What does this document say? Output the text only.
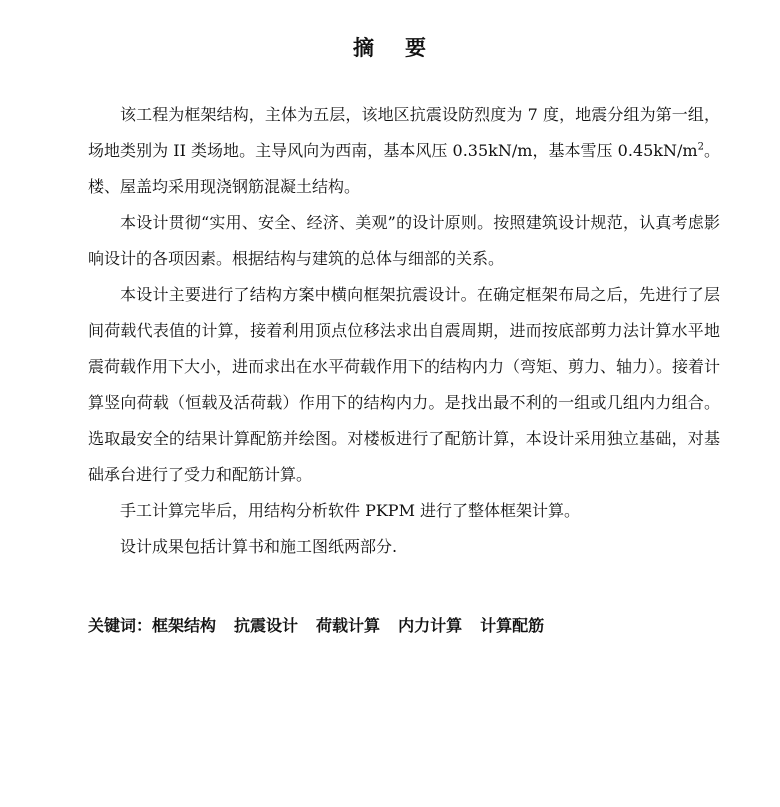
摘 要

该工程为框架结构，主体为五层，该地区抗震设防烈度为 7 度，地震分组为第一组，场地类别为 II 类场地。主导风向为西南，基本风压 0.35kN/m，基本雪压 $0.45kN/m^2$。楼、屋盖均采用现浇钢筋混凝土结构。

本设计贯彻“实用、安全、经济、美观”的设计原则。按照建筑设计规范，认真考虑影响设计的各项因素。根据结构与建筑的总体与细部的关系。

本设计主要进行了结构方案中横向框架抗震设计。在确定框架布局之后，先进行了层间荷载代表值的计算，接着利用顶点位移法求出自震周期，进而按底部剪力法计算水平地震荷载作用下大小，进而求出在水平荷载作用下的结构内力（弯矩、剪力、轴力）。接着计算竖向荷载（恒载及活荷载）作用下的结构内力。是找出最不利的一组或几组内力组合。选取最安全的结果计算配筋并绘图。对楼板进行了配筋计算，本设计采用独立基础，对基础承台进行了受力和配筋计算。

手工计算完毕后，用结构分析软件 PKPM 进行了整体框架计算。

设计成果包括计算书和施工图纸两部分.

关键词：框架结构 抗震设计 荷载计算 内力计算 计算配筋
